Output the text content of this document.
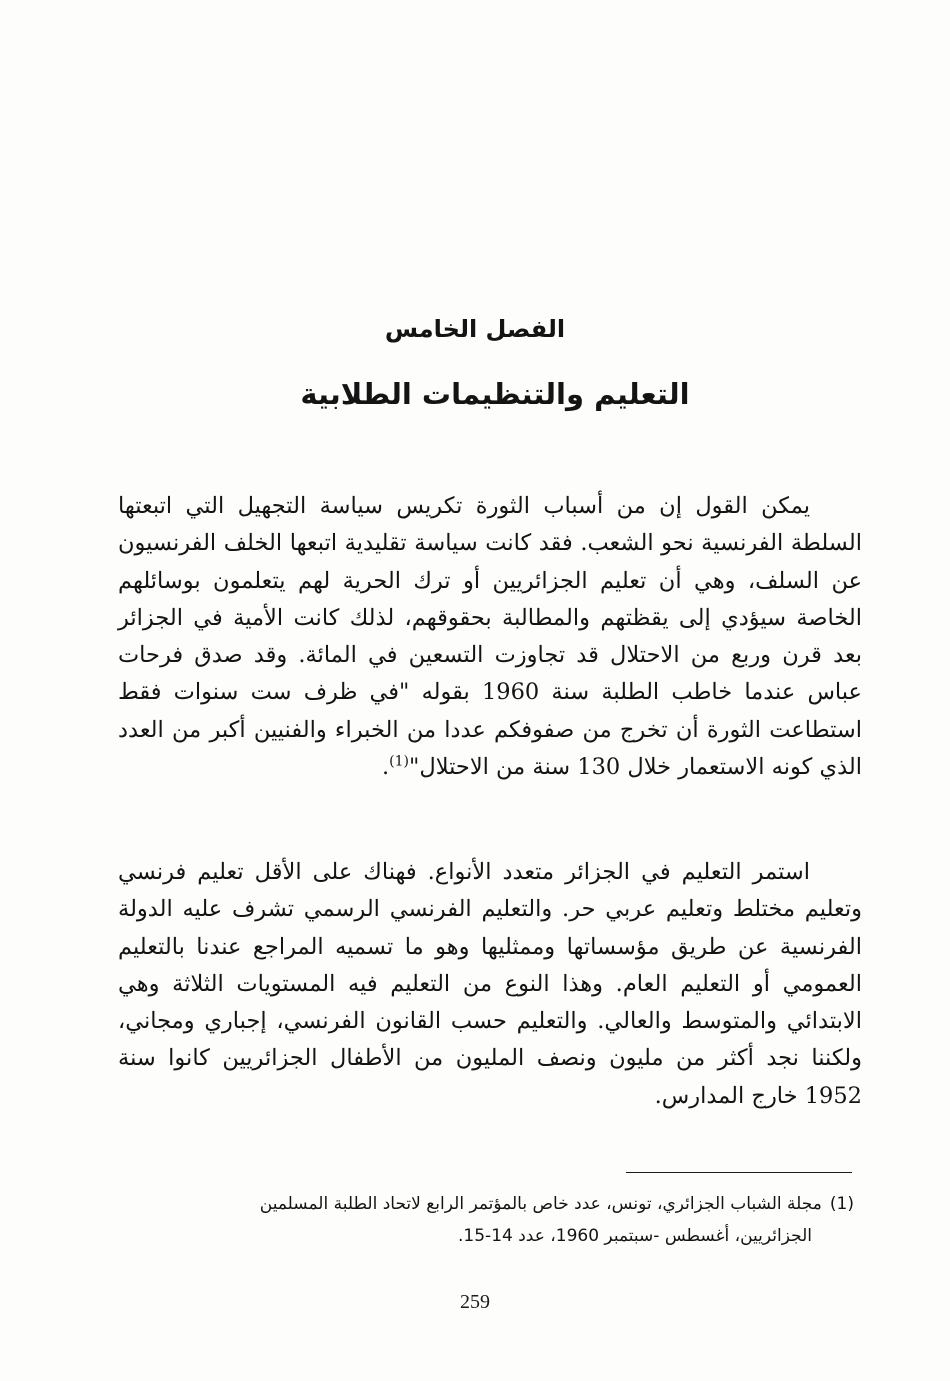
الفصل الخامس
التعليم والتنظيمات الطلابية

يمكن القول إن من أسباب الثورة تكريس سياسة التجهيل التي اتبعتها السلطة الفرنسية نحو الشعب. فقد كانت سياسة تقليدية اتبعها الخلف الفرنسيون عن السلف، وهي أن تعليم الجزائريين أو ترك الحرية لهم يتعلمون بوسائلهم الخاصة سيؤدي إلى يقظتهم والمطالبة بحقوقهم، لذلك كانت الأمية في الجزائر بعد قرن وربع من الاحتلال قد تجاوزت التسعين في المائة. وقد صدق فرحات عباس عندما خاطب الطلبة سنة 1960 بقوله "في ظرف ست سنوات فقط استطاعت الثورة أن تخرج من صفوفكم عددا من الخبراء والفنيين أكبر من العدد الذي كونه الاستعمار خلال 130 سنة من الاحتلال"$^{(1)}$.

استمر التعليم في الجزائر متعدد الأنواع. فهناك على الأقل تعليم فرنسي وتعليم مختلط وتعليم عربي حر. والتعليم الفرنسي الرسمي تشرف عليه الدولة الفرنسية عن طريق مؤسساتها وممثليها وهو ما تسميه المراجع عندنا بالتعليم العمومي أو التعليم العام. وهذا النوع من التعليم فيه المستويات الثلاثة وهي الابتدائي والمتوسط والعالي. والتعليم حسب القانون الفرنسي، إجباري ومجاني، ولكننا نجد أكثر من مليون ونصف المليون من الأطفال الجزائريين كانوا سنة 1952 خارج المدارس.

(1)مجلة الشباب الجزائري، تونس، عدد خاص بالمؤتمر الرابع لاتحاد الطلبة المسلمين
الجزائريين، أغسطس -سبتمبر 1960، عدد 14-15.

259
